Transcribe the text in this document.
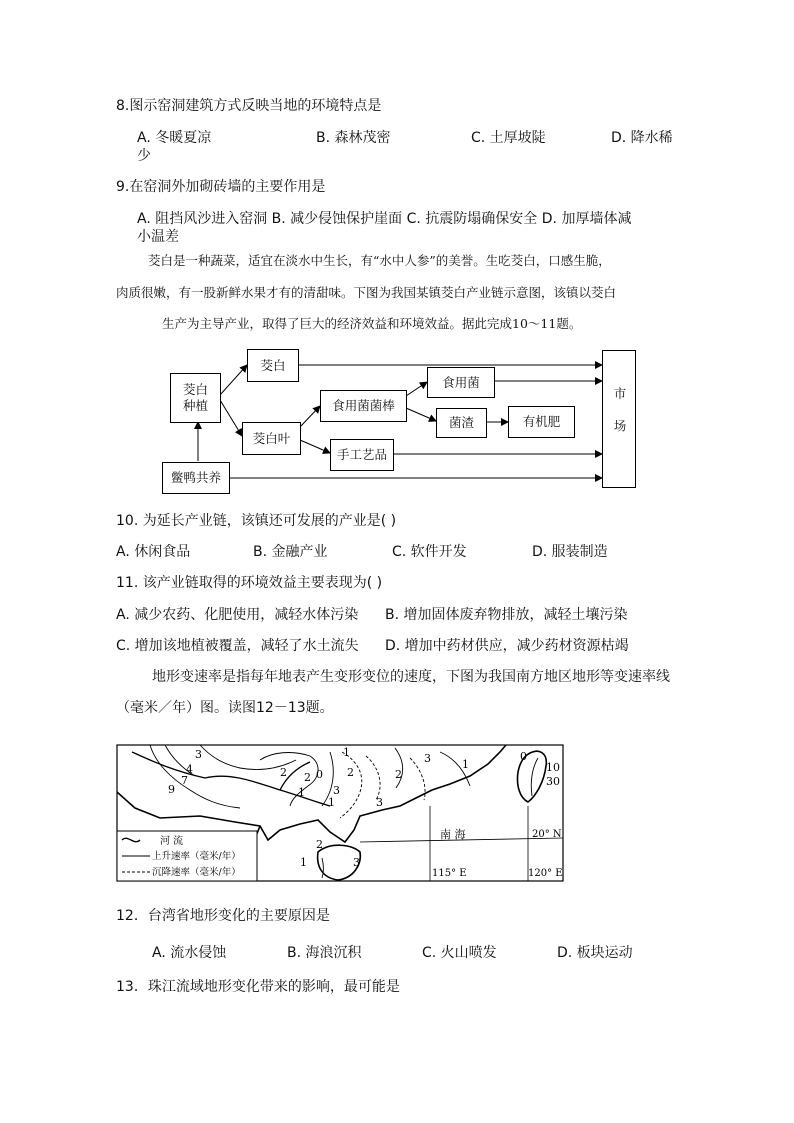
8.图示窑洞建筑方式反映当地的环境特点是
A. 冬暖夏凉	B. 森林茂密	C. 土厚坡陡	D. 降水稀
少
9.在窑洞外加砌砖墙的主要作用是
A. 阻挡风沙进入窑洞 B. 减少侵蚀保护崖面 C. 抗震防塌确保安全 D. 加厚墙体减
小温差
茭白是一种蔬菜，适宜在淡水中生长，有“水中人参”的美誉。生吃茭白，口感生脆，
肉质很嫩，有一股新鲜水果才有的清甜味。下图为我国某镇茭白产业链示意图，该镇以茭白
生产为主导产业，取得了巨大的经济效益和环境效益。据此完成10～11题。
茭白种植
茭白
茭白叶
食用菌菌棒
食用菌
菌渣	有机肥
手工艺品
鳖鸭共养
市场
10. 为延长产业链，该镇还可发展的产业是( )
A. 休闲食品	B. 金融产业	C. 软件开发	D. 服装制造
11. 该产业链取得的环境效益主要表现为( )
A. 减少农药、化肥使用，减轻水体污染 B. 增加固体废弃物排放，减轻土壤污染
C. 增加该地植被覆盖，减轻了水土流失 D. 增加中药材供应，减少药材资源枯竭
地形变速率是指每年地表产生变形变位的速度，下图为我国南方地区地形等变速率线
（毫米／年）图。读图12－13题。
3
4
9
7
2
1
0
1
2
3
3
2
1
2
3
1
0
10
30
1
2
3
南 海
115° E	120° E
20° N
河 流
上升速率（毫米/年）
沉降速率（毫米/年）
12．台湾省地形变化的主要原因是
A. 流水侵蚀	B. 海浪沉积	C. 火山喷发	D. 板块运动
13．珠江流域地形变化带来的影响，最可能是
